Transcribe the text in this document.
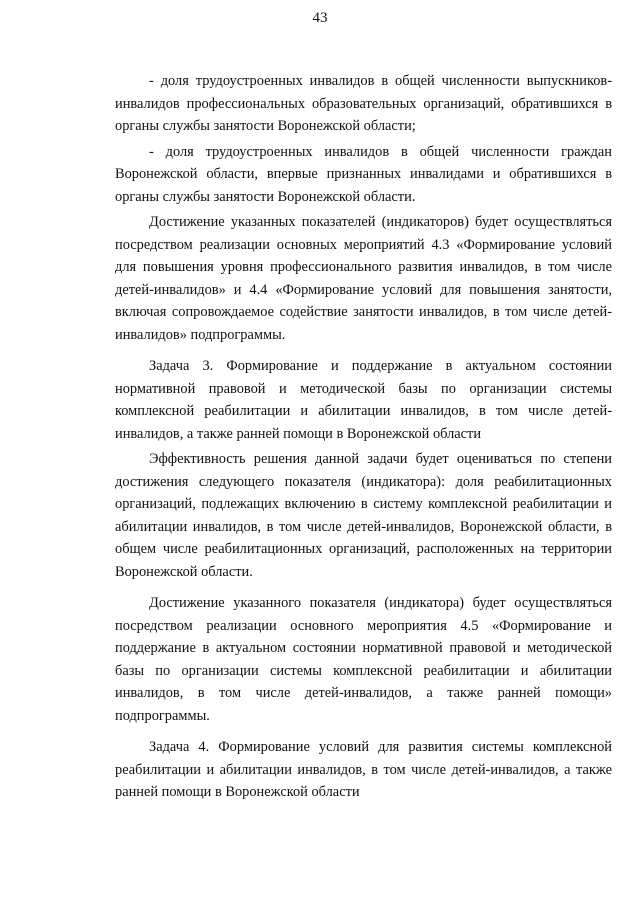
43

- доля трудоустроенных инвалидов в общей численности выпускников-инвалидов профессиональных образовательных организаций, обратившихся в органы службы занятости Воронежской области;

- доля трудоустроенных инвалидов в общей численности граждан Воронежской области, впервые признанных инвалидами и обратившихся в органы службы занятости Воронежской области.

Достижение указанных показателей (индикаторов) будет осуществляться посредством реализации основных мероприятий 4.3 «Формирование условий для повышения уровня профессионального развития инвалидов, в том числе детей-инвалидов» и 4.4 «Формирование условий для повышения занятости, включая сопровождаемое содействие занятости инвалидов, в том числе детей-инвалидов» подпрограммы.

Задача 3. Формирование и поддержание в актуальном состоянии нормативной правовой и методической базы по организации системы комплексной реабилитации и абилитации инвалидов, в том числе детей-инвалидов, а также ранней помощи в Воронежской области

Эффективность решения данной задачи будет оцениваться по степени достижения следующего показателя (индикатора): доля реабилитационных организаций, подлежащих включению в систему комплексной реабилитации и абилитации инвалидов, в том числе детей-инвалидов, Воронежской области, в общем числе реабилитационных организаций, расположенных на территории Воронежской области.

Достижение указанного показателя (индикатора) будет осуществляться посредством реализации основного мероприятия 4.5 «Формирование и поддержание в актуальном состоянии нормативной правовой и методической базы по организации системы комплексной реабилитации и абилитации инвалидов, в том числе детей-инвалидов, а также ранней помощи» подпрограммы.

Задача 4. Формирование условий для развития системы комплексной реабилитации и абилитации инвалидов, в том числе детей-инвалидов, а также ранней помощи в Воронежской области
